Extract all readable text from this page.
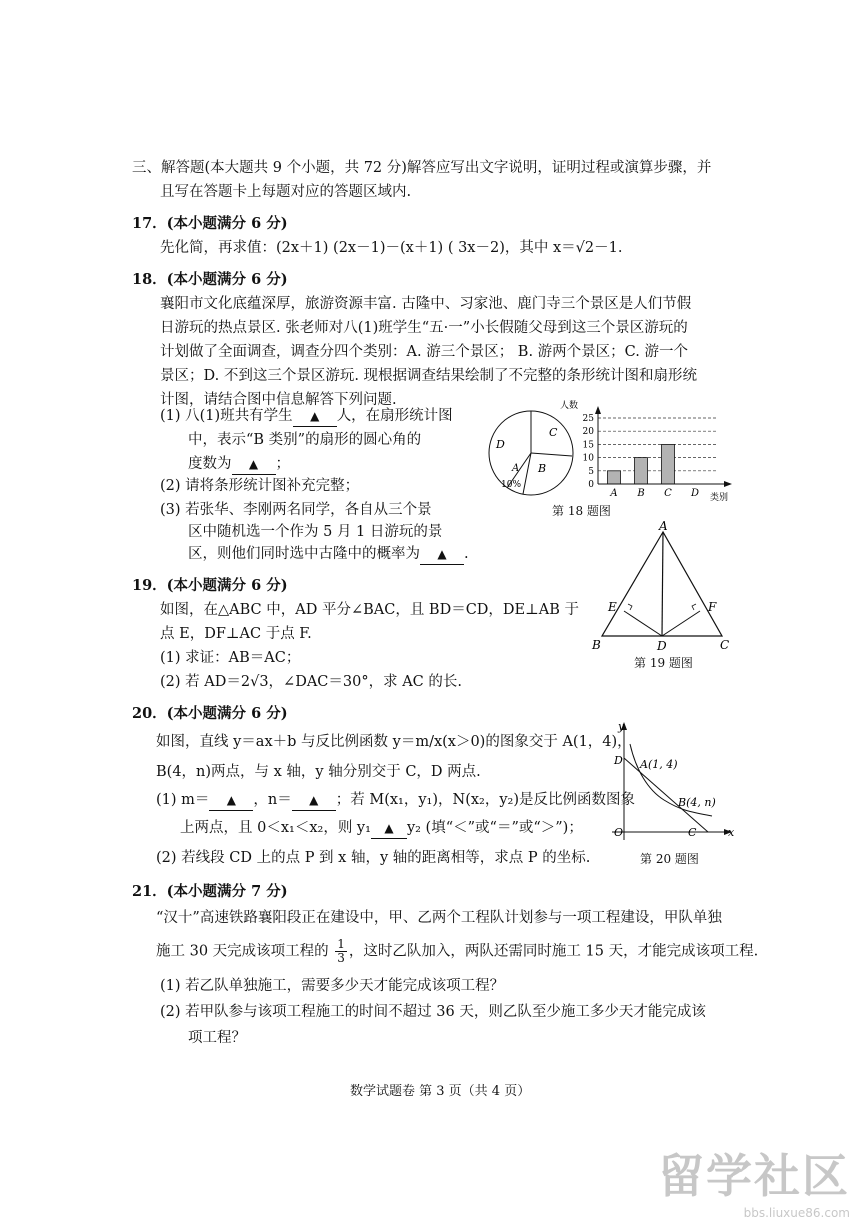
三、解答题(本大题共 9 个小题，共 72 分)解答应写出文字说明，证明过程或演算步骤，并
且写在答题卡上每题对应的答题区域内.
17．(本小题满分 6 分)
先化简，再求值：(2x＋1) (2x－1)－(x＋1) ( 3x－2)，其中 x＝√2－1.
18．(本小题满分 6 分)
襄阳市文化底蕴深厚，旅游资源丰富. 古隆中、习家池、鹿门寺三个景区是人们节假
日游玩的热点景区. 张老师对八(1)班学生“五·一”小长假随父母到这三个景区游玩的
计划做了全面调查，调查分四个类别：A. 游三个景区； B. 游两个景区；C. 游一个
景区；D. 不到这三个景区游玩. 现根据调查结果绘制了不完整的条形统计图和扇形统
计图，请结合图中信息解答下列问题.
(1) 八(1)班共有学生 ▲ 人，在扇形统计图
中，表示“B 类别”的扇形的圆心角的
度数为 ▲ ；
(2) 请将条形统计图补充完整；
(3) 若张华、李刚两名同学，各自从三个景
区中随机选一个作为 5 月 1 日游玩的景
区，则他们同时选中古隆中的概率为 ▲ .
D
C
A
10%
B
人数
0
5
10
15
20
25
A B C D 类别
第 18 题图
19．(本小题满分 6 分)
如图，在△ABC 中，AD 平分∠BAC，且 BD＝CD，DE⊥AB 于
点 E，DF⊥AC 于点 F.
(1) 求证：AB＝AC；
(2) 若 AD＝2√3，∠DAC＝30°，求 AC 的长.
A
B	C
D
E	F
第 19 题图
20．(本小题满分 6 分)
如图，直线 y＝ax＋b 与反比例函数 y＝m/x(x＞0)的图象交于 A(1，4)，
B(4，n)两点，与 x 轴，y 轴分别交于 C，D 两点.
(1) m＝ ▲ ，n＝ ▲ ；若 M(x₁，y₁)，N(x₂，y₂)是反比例函数图象
上两点，且 0＜x₁＜x₂，则 y₁ ▲ y₂ (填“＜”或“＝”或“＞”)；
(2) 若线段 CD 上的点 P 到 x 轴，y 轴的距离相等，求点 P 的坐标.
y
x
O	C
D A(1, 4)
B(4, n)
第 20 题图
21．(本小题满分 7 分)
“汉十”高速铁路襄阳段正在建设中，甲、乙两个工程队计划参与一项工程建设，甲队单独
施工 30 天完成该项工程的 $\frac{1}{3}$ ，这时乙队加入，两队还需同时施工 15 天，才能完成该项工程.
(1) 若乙队单独施工，需要多少天才能完成该项工程？
(2) 若甲队参与该项工程施工的时间不超过 36 天，则乙队至少施工多少天才能完成该
项工程？
数学试题卷 第 3 页（共 4 页）
留学社区
bbs.liuxue86.com
